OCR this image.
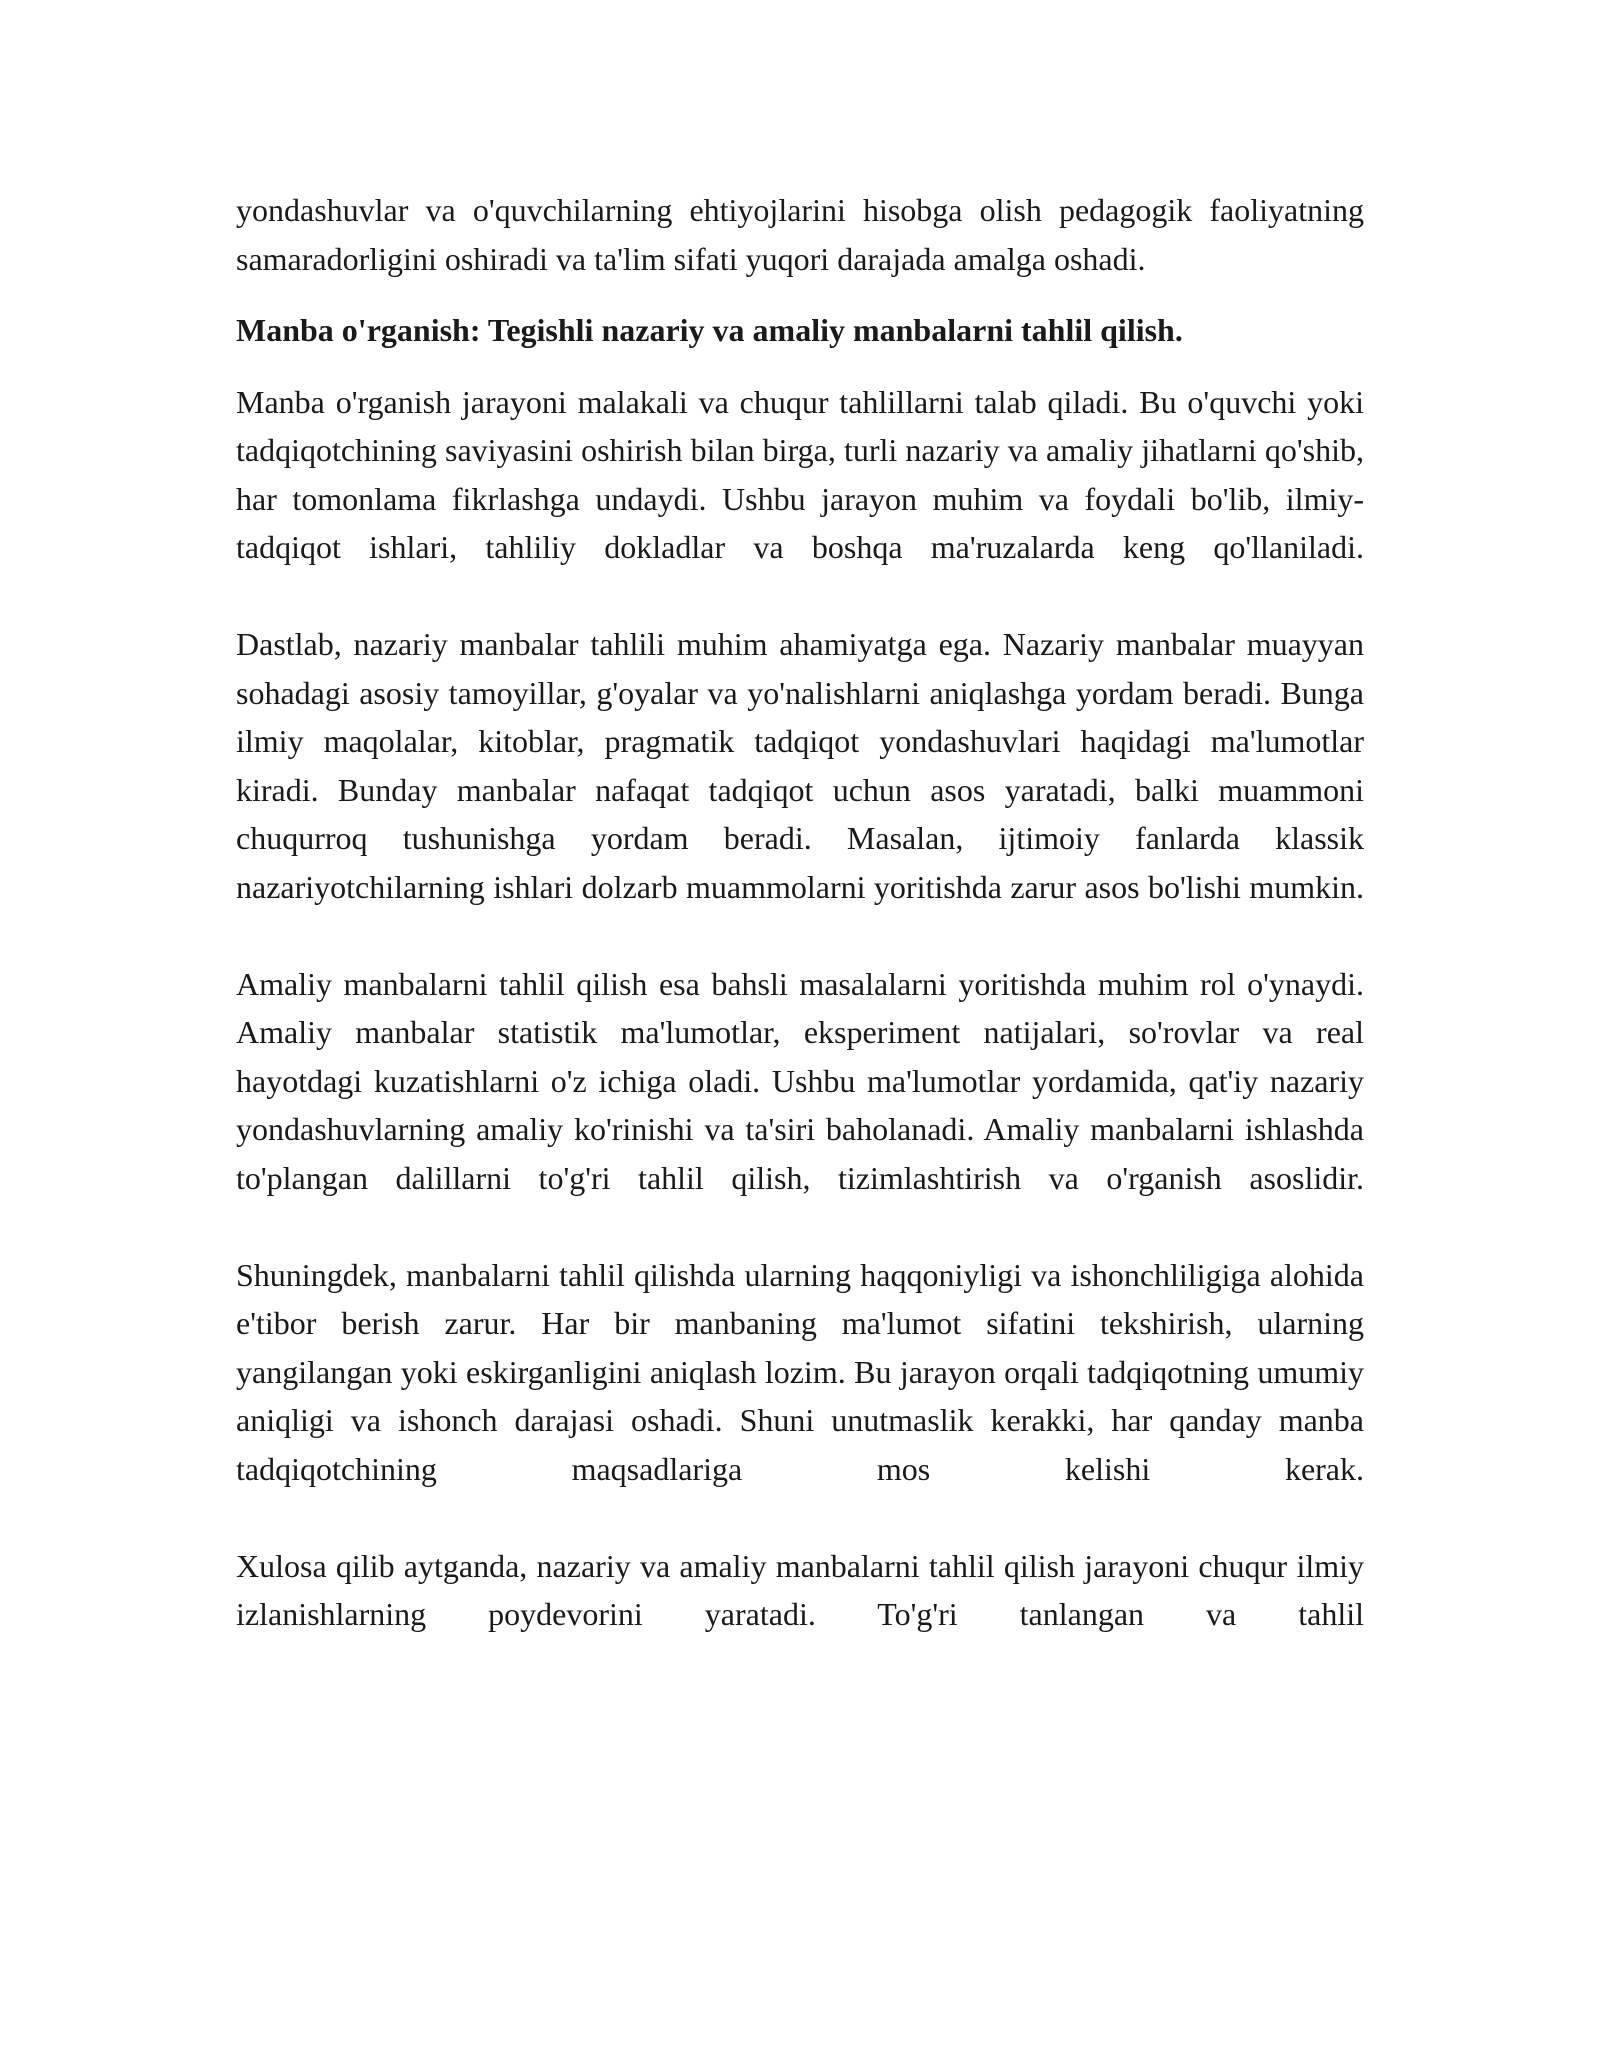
yondashuvlar va o'quvchilarning ehtiyojlarini hisobga olish pedagogik faoliyatning samaradorligini oshiradi va ta'lim sifati yuqori darajada amalga oshadi.

Manba o'rganish: Tegishli nazariy va amaliy manbalarni tahlil qilish.

Manba o'rganish jarayoni malakali va chuqur tahlillarni talab qiladi. Bu o'quvchi yoki tadqiqotchining saviyasini oshirish bilan birga, turli nazariy va amaliy jihatlarni qo'shib, har tomonlama fikrlashga undaydi. Ushbu jarayon muhim va foydali bo'lib, ilmiy-tadqiqot ishlari, tahliliy dokladlar va boshqa ma'ruzalarda keng qo'llaniladi.

Dastlab, nazariy manbalar tahlili muhim ahamiyatga ega. Nazariy manbalar muayyan sohadagi asosiy tamoyillar, g'oyalar va yo'nalishlarni aniqlashga yordam beradi. Bunga ilmiy maqolalar, kitoblar, pragmatik tadqiqot yondashuvlari haqidagi ma'lumotlar kiradi. Bunday manbalar nafaqat tadqiqot uchun asos yaratadi, balki muammoni chuqurroq tushunishga yordam beradi. Masalan, ijtimoiy fanlarda klassik nazariyotchilarning ishlari dolzarb muammolarni yoritishda zarur asos bo'lishi mumkin.

Amaliy manbalarni tahlil qilish esa bahsli masalalarni yoritishda muhim rol o'ynaydi. Amaliy manbalar statistik ma'lumotlar, eksperiment natijalari, so'rovlar va real hayotdagi kuzatishlarni o'z ichiga oladi. Ushbu ma'lumotlar yordamida, qat'iy nazariy yondashuvlarning amaliy ko'rinishi va ta'siri baholanadi. Amaliy manbalarni ishlashda to'plangan dalillarni to'g'ri tahlil qilish, tizimlashtirish va o'rganish asoslidir.

Shuningdek, manbalarni tahlil qilishda ularning haqqoniyligi va ishonchliligiga alohida e'tibor berish zarur. Har bir manbaning ma'lumot sifatini tekshirish, ularning yangilangan yoki eskirganligini aniqlash lozim. Bu jarayon orqali tadqiqotning umumiy aniqligi va ishonch darajasi oshadi. Shuni unutmaslik kerakki, har qanday manba tadqiqotchining maqsadlariga mos kelishi kerak.

Xulosa qilib aytganda, nazariy va amaliy manbalarni tahlil qilish jarayoni chuqur ilmiy izlanishlarning poydevorini yaratadi. To'g'ri tanlangan va tahlil
